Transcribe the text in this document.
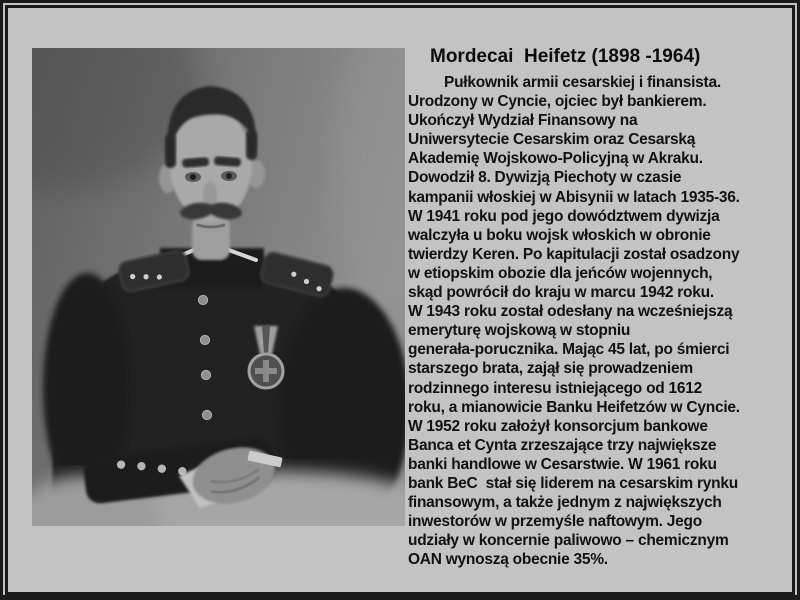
Mordecai  Heifetz (1898 -1964)
Pułkownik armii cesarskiej i finansista.
Urodzony w Cyncie, ojciec był bankierem.
Ukończył Wydział Finansowy na
Uniwersytecie Cesarskim oraz Cesarską
Akademię Wojskowo-Policyjną w Akraku.
Dowodził 8. Dywizją Piechoty w czasie
kampanii włoskiej w Abisynii w latach 1935-36.
W 1941 roku pod jego dowództwem dywizja
walczyła u boku wojsk włoskich w obronie
twierdzy Keren. Po kapitulacji został osadzony
w etiopskim obozie dla jeńców wojennych,
skąd powrócił do kraju w marcu 1942 roku.
W 1943 roku został odesłany na wcześniejszą
emeryturę wojskową w stopniu
generała-porucznika. Mając 45 lat, po śmierci
starszego brata, zajął się prowadzeniem
rodzinnego interesu istniejącego od 1612
roku, a mianowicie Banku Heifetzów w Cyncie.
W 1952 roku założył konsorcjum bankowe
Banca et Cynta zrzeszające trzy największe
banki handlowe w Cesarstwie. W 1961 roku
bank BeC  stał się liderem na cesarskim rynku
finansowym, a także jednym z największych
inwestorów w przemyśle naftowym. Jego
udziały w koncernie paliwowo – chemicznym
OAN wynoszą obecnie 35%.
